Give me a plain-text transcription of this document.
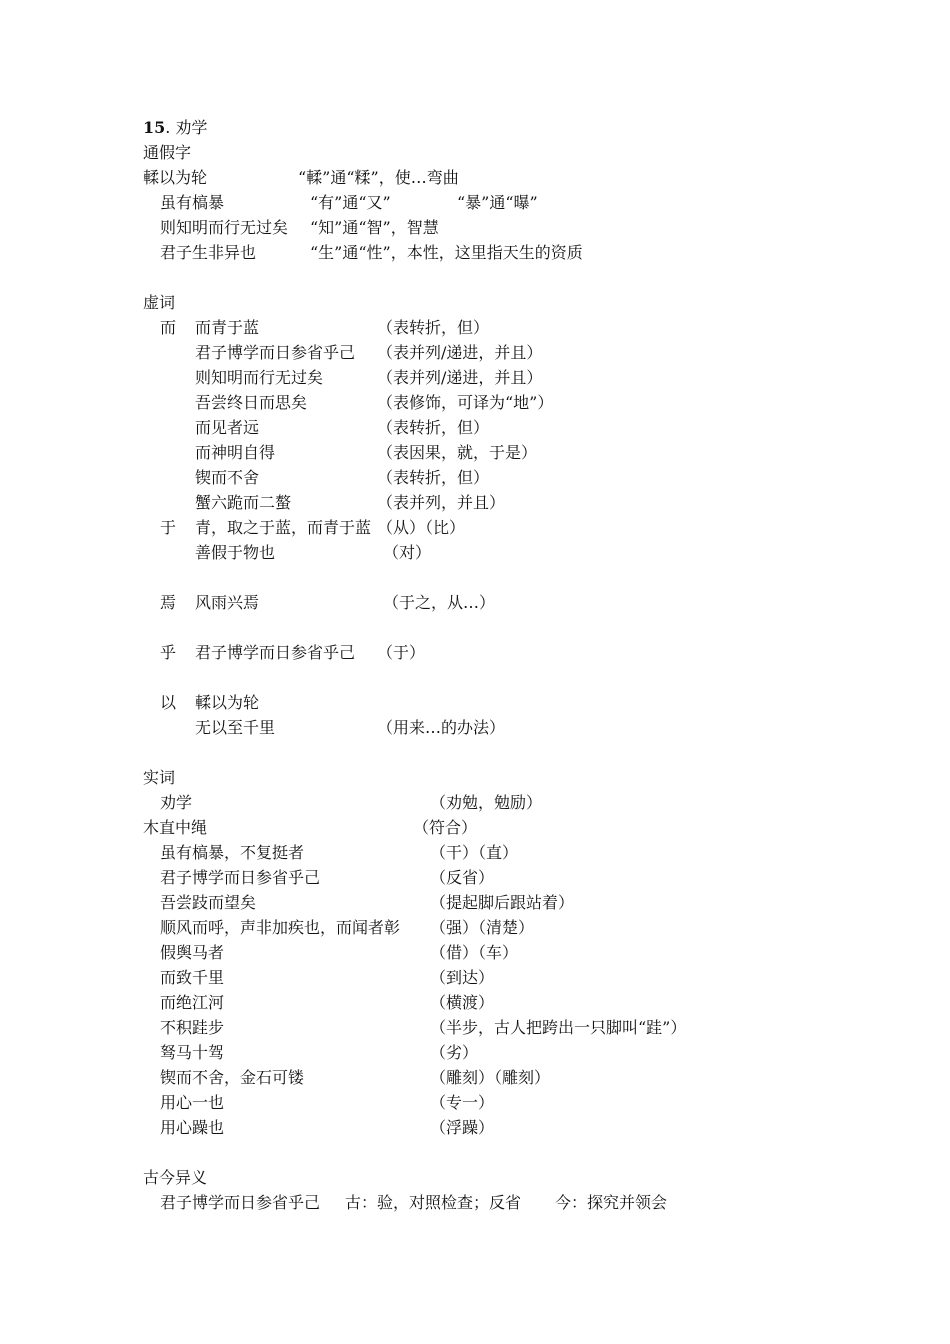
15. 劝学
通假字
輮以为轮	“輮”通“糅”，使…弯曲
虽有槁暴	“有”通“又”	“暴”通“曝”
则知明而行无过矣 “知”通“智”，智慧
君子生非异也	“生”通“性”，本性，这里指天生的资质
虚词
而 而青于蓝	（表转折，但）
君子博学而日参省乎己 （表并列/递进，并且）
则知明而行无过矣	（表并列/递进，并且）
吾尝终日而思矣	（表修饰，可译为“地”）
而见者远	（表转折，但）
而神明自得	（表因果，就，于是）
锲而不舍	（表转折，但）
蟹六跪而二螯	（表并列，并且）
于 青，取之于蓝，而青于蓝 （从）（比）
善假于物也	（对）
焉 风雨兴焉	（于之，从…）
乎 君子博学而日参省乎己 （于）
以 輮以为轮
无以至千里	（用来…的办法）
实词
劝学	（劝勉，勉励）
木直中绳	（符合）
虽有槁暴，不复挺者	（干）（直）
君子博学而日参省乎己	（反省）
吾尝跂而望矣	（提起脚后跟站着）
顺风而呼，声非加疾也，而闻者彰 （强）（清楚）
假舆马者	（借）（车）
而致千里	（到达）
而绝江河	（横渡）
不积跬步	（半步，古人把跨出一只脚叫“跬”）
驽马十驾	（劣）
锲而不舍，金石可镂	（雕刻）（雕刻）
用心一也	（专一）
用心躁也	（浮躁）
古今异义
君子博学而日参省乎己 古：验，对照检查；反省 今：探究并领会
